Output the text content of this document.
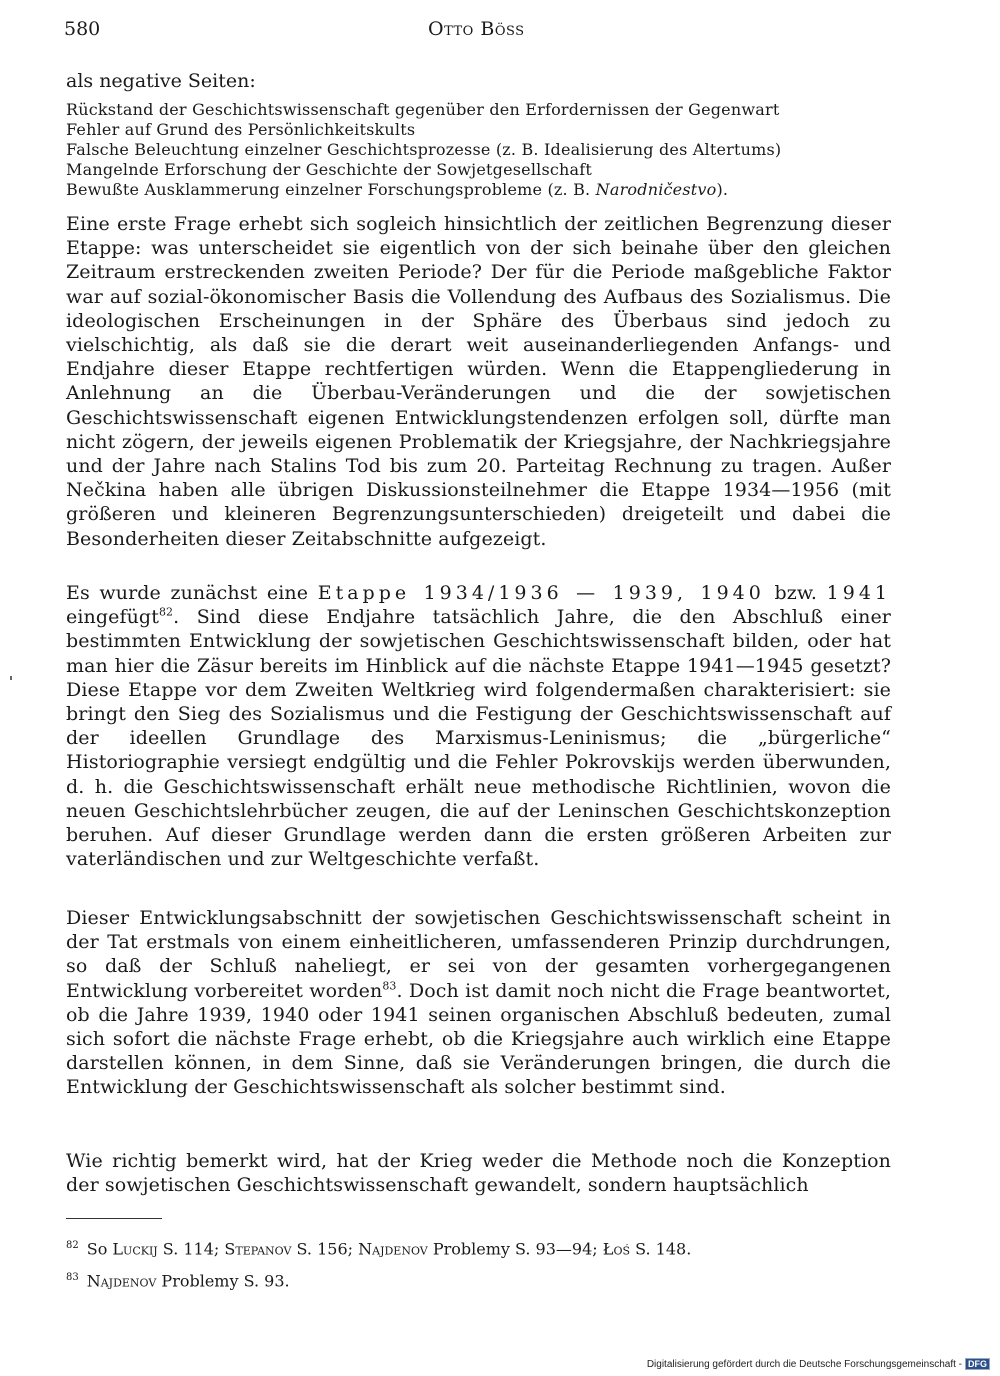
580	Otto Böss
als negative Seiten:
Rückstand der Geschichtswissenschaft gegenüber den Erfordernissen der Gegenwart
Fehler auf Grund des Persönlichkeitskults
Falsche Beleuchtung einzelner Geschichtsprozesse (z. B. Idealisierung des Altertums)
Mangelnde Erforschung der Geschichte der Sowjetgesellschaft
Bewußte Ausklammerung einzelner Forschungsprobleme (z. B. Narodničestvo).
Eine erste Frage erhebt sich sogleich hinsichtlich der zeitlichen Begrenzung dieser Etappe: was unterscheidet sie eigentlich von der sich beinahe über den gleichen Zeitraum erstreckenden zweiten Periode? Der für die Periode maßgebliche Faktor war auf sozial-ökonomischer Basis die Vollendung des Aufbaus des Sozialismus. Die ideologischen Erscheinungen in der Sphäre des Überbaus sind jedoch zu vielschichtig, als daß sie die derart weit auseinanderliegenden Anfangs- und Endjahre dieser Etappe rechtfertigen würden. Wenn die Etappengliederung in Anlehnung an die Überbau-Veränderungen und die der sowjetischen Geschichtswissenschaft eigenen Entwicklungstendenzen erfolgen soll, dürfte man nicht zögern, der jeweils eigenen Problematik der Kriegsjahre, der Nachkriegsjahre und der Jahre nach Stalins Tod bis zum 20. Parteitag Rechnung zu tragen. Außer Nečkina haben alle übrigen Diskussionsteilnehmer die Etappe 1934—1956 (mit größeren und kleineren Begrenzungsunterschieden) dreigeteilt und dabei die Besonderheiten dieser Zeitabschnitte aufgezeigt.
Es wurde zunächst eine Etappe 1934/1936 — 1939, 1940 bzw. 1941 eingefügt$^{82}$. Sind diese Endjahre tatsächlich Jahre, die den Abschluß einer bestimmten Entwicklung der sowjetischen Geschichtswissenschaft bilden, oder hat man hier die Zäsur bereits im Hinblick auf die nächste Etappe 1941—1945 gesetzt? Diese Etappe vor dem Zweiten Weltkrieg wird folgendermaßen charakterisiert: sie bringt den Sieg des Sozialismus und die Festigung der Geschichtswissenschaft auf der ideellen Grundlage des Marxismus-Leninismus; die „bürgerliche“ Historiographie versiegt endgültig und die Fehler Pokrovskijs werden überwunden, d. h. die Geschichtswissenschaft erhält neue methodische Richtlinien, wovon die neuen Geschichtslehrbücher zeugen, die auf der Leninschen Geschichtskonzeption beruhen. Auf dieser Grundlage werden dann die ersten größeren Arbeiten zur vaterländischen und zur Weltgeschichte verfaßt.
Dieser Entwicklungsabschnitt der sowjetischen Geschichtswissenschaft scheint in der Tat erstmals von einem einheitlicheren, umfassenderen Prinzip durchdrungen, so daß der Schluß naheliegt, er sei von der gesamten vorhergegangenen Entwicklung vorbereitet worden$^{83}$. Doch ist damit noch nicht die Frage beantwortet, ob die Jahre 1939, 1940 oder 1941 seinen organischen Abschluß bedeuten, zumal sich sofort die nächste Frage erhebt, ob die Kriegsjahre auch wirklich eine Etappe darstellen können, in dem Sinne, daß sie Veränderungen bringen, die durch die Entwicklung der Geschichtswissenschaft als solcher bestimmt sind.
Wie richtig bemerkt wird, hat der Krieg weder die Methode noch die Konzeption der sowjetischen Geschichtswissenschaft gewandelt, sondern hauptsächlich
$^{82}$ So Luckij S. 114; Stepanov S. 156; Najdenov Problemy S. 93—94; Łoś S. 148.
$^{83}$ Najdenov Problemy S. 93.
Digitalisierung gefördert durch die Deutsche Forschungsgemeinschaft - DFG
